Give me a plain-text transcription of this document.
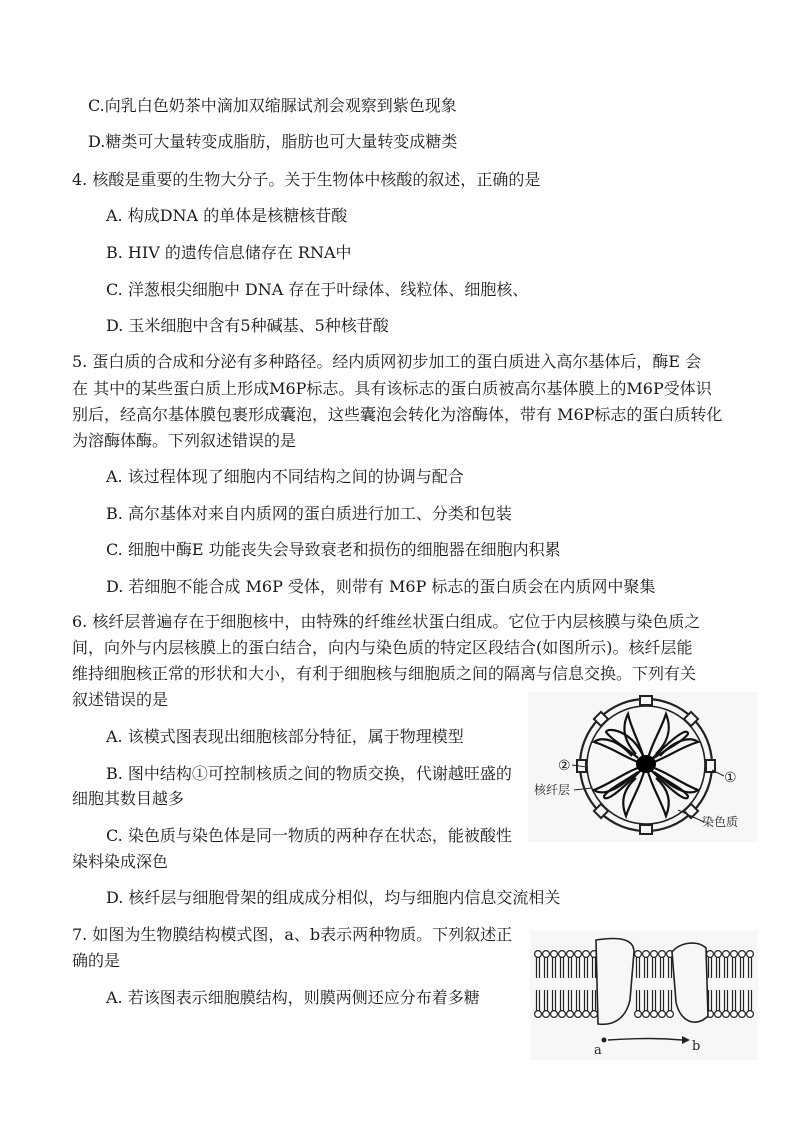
C.向乳白色奶茶中滴加双缩脲试剂会观察到紫色现象
D.糖类可大量转变成脂肪，脂肪也可大量转变成糖类
4. 核酸是重要的生物大分子。关于生物体中核酸的叙述，正确的是
A. 构成DNA 的单体是核糖核苷酸
B. HIV 的遗传信息储存在 RNA中
C. 洋葱根尖细胞中 DNA 存在于叶绿体、线粒体、细胞核、
D. 玉米细胞中含有5种碱基、5种核苷酸
5. 蛋白质的合成和分泌有多种路径。经内质网初步加工的蛋白质进入高尔基体后，酶E 会
在 其中的某些蛋白质上形成M6P标志。具有该标志的蛋白质被高尔基体膜上的M6P受体识
别后，经高尔基体膜包裹形成囊泡，这些囊泡会转化为溶酶体，带有 M6P标志的蛋白质转化
为溶酶体酶。下列叙述错误的是
A. 该过程体现了细胞内不同结构之间的协调与配合
B. 高尔基体对来自内质网的蛋白质进行加工、分类和包装
C. 细胞中酶E 功能丧失会导致衰老和损伤的细胞器在细胞内积累
D. 若细胞不能合成 M6P 受体，则带有 M6P 标志的蛋白质会在内质网中聚集
6. 核纤层普遍存在于细胞核中，由特殊的纤维丝状蛋白组成。它位于内层核膜与染色质之
间，向外与内层核膜上的蛋白结合，向内与染色质的特定区段结合(如图所示)。核纤层能
维持细胞核正常的形状和大小，有利于细胞核与细胞质之间的隔离与信息交换。下列有关
叙述错误的是
A. 该模式图表现出细胞核部分特征，属于物理模型
B. 图中结构①可控制核质之间的物质交换，代谢越旺盛的
细胞其数目越多
C. 染色质与染色体是同一物质的两种存在状态，能被酸性
染料染成深色
D. 核纤层与细胞骨架的组成成分相似，均与细胞内信息交流相关
7. 如图为生物膜结构模式图，a、b表示两种物质。下列叙述正
确的是
A. 若该图表示细胞膜结构，则膜两侧还应分布着多糖
②
①
核纤层
染色质
a	b
